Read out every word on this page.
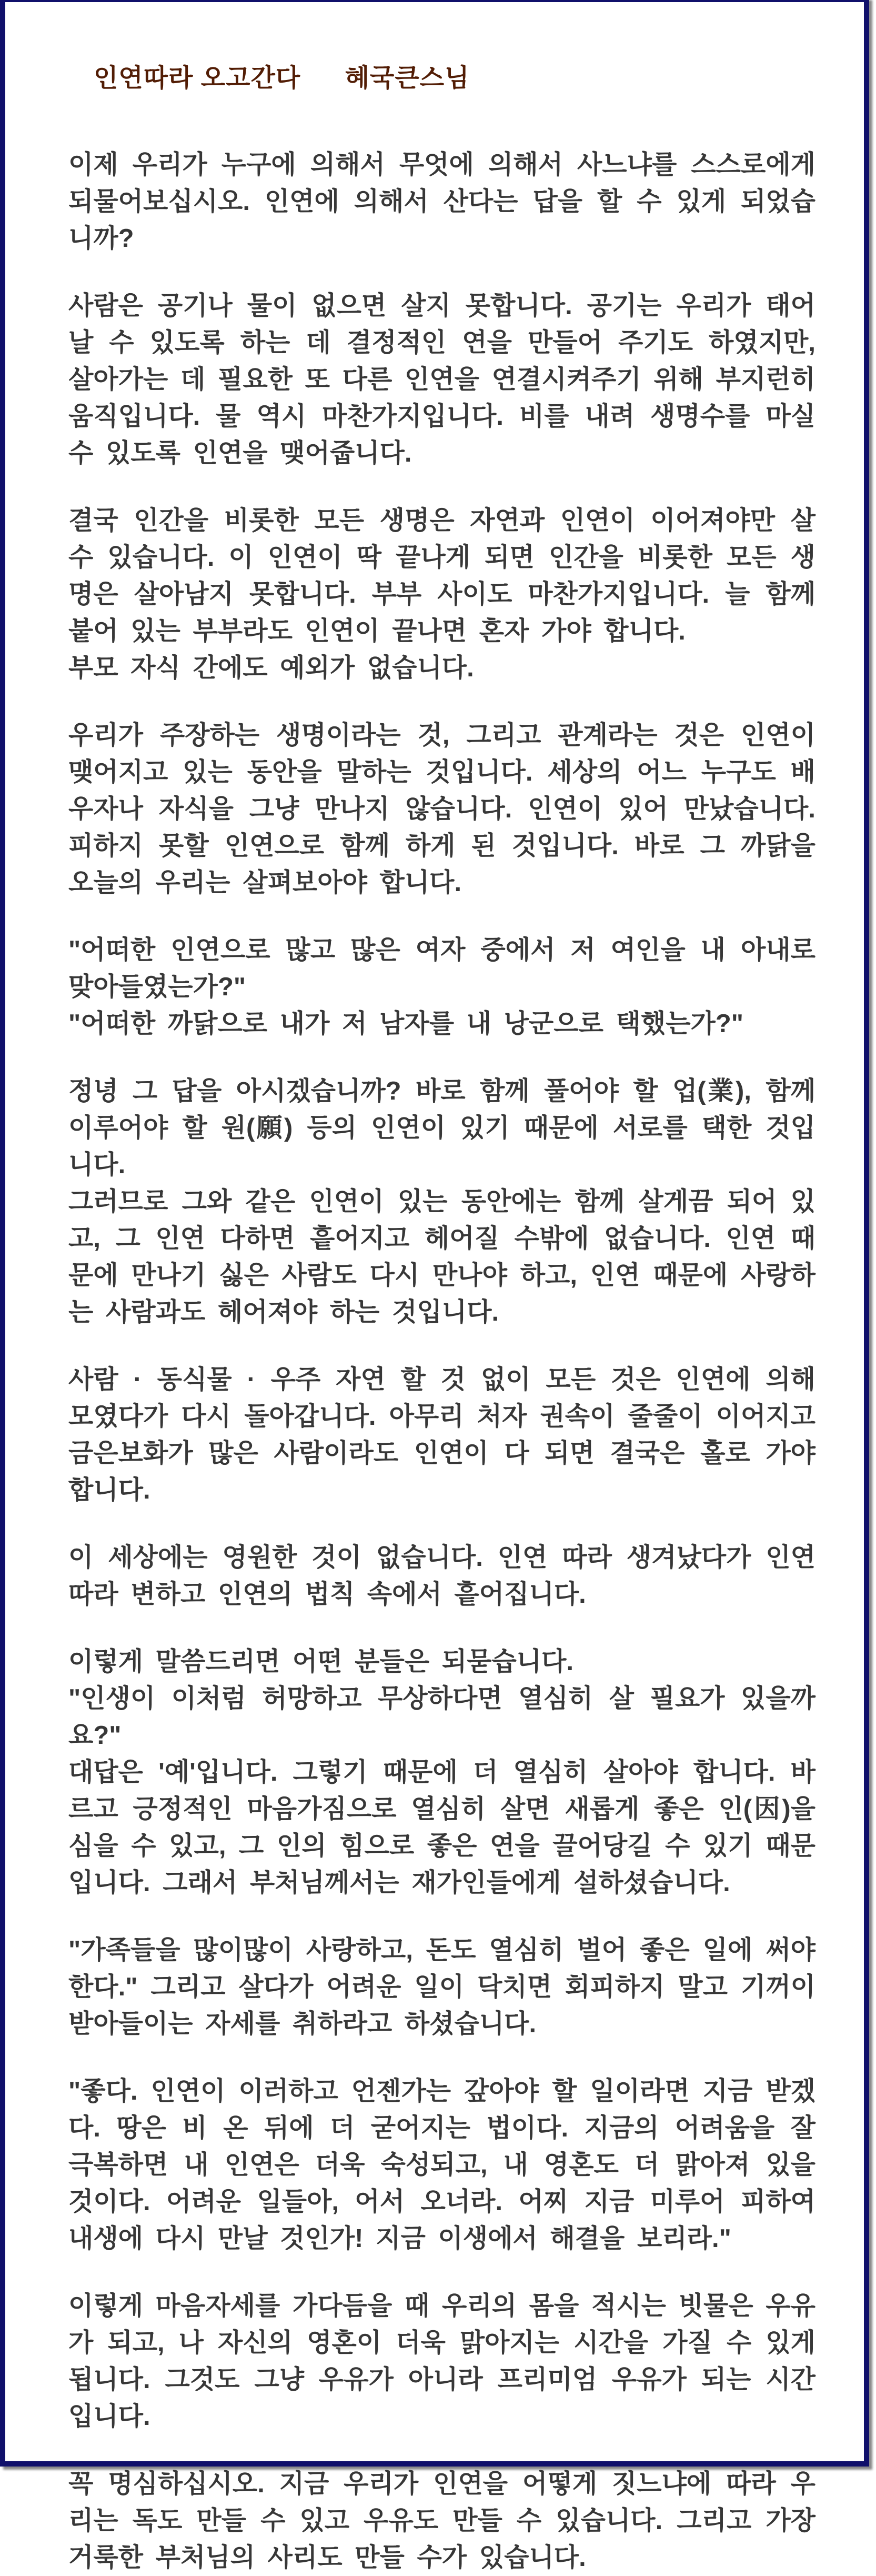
인연따라 오고간다 혜국큰스님
이제 우리가 누구에 의해서 무엇에 의해서 사느냐를 스스로에게 되물어보십시오. 인연에 의해서 산다는 답을 할 수 있게 되었습니까?
사람은 공기나 물이 없으면 살지 못합니다. 공기는 우리가 태어날 수 있도록 하는 데 결정적인 연을 만들어 주기도 하였지만, 살아가는 데 필요한 또 다른 인연을 연결시켜주기 위해 부지런히 움직입니다. 물 역시 마찬가지입니다. 비를 내려 생명수를 마실 수 있도록 인연을 맺어줍니다.
결국 인간을 비롯한 모든 생명은 자연과 인연이 이어져야만 살 수 있습니다. 이 인연이 딱 끝나게 되면 인간을 비롯한 모든 생명은 살아남지 못합니다. 부부 사이도 마찬가지입니다. 늘 함께 붙어 있는 부부라도 인연이 끝나면 혼자 가야 합니다.
부모 자식 간에도 예외가 없습니다.
우리가 주장하는 생명이라는 것, 그리고 관계라는 것은 인연이 맺어지고 있는 동안을 말하는 것입니다. 세상의 어느 누구도 배우자나 자식을 그냥 만나지 않습니다. 인연이 있어 만났습니다. 피하지 못할 인연으로 함께 하게 된 것입니다. 바로 그 까닭을 오늘의 우리는 살펴보아야 합니다.
"어떠한 인연으로 많고 많은 여자 중에서 저 여인을 내 아내로 맞아들였는가?"
"어떠한 까닭으로 내가 저 남자를 내 낭군으로 택했는가?"
정녕 그 답을 아시겠습니까? 바로 함께 풀어야 할 업(業), 함께 이루어야 할 원(願) 등의 인연이 있기 때문에 서로를 택한 것입니다.
그러므로 그와 같은 인연이 있는 동안에는 함께 살게끔 되어 있고, 그 인연 다하면 흩어지고 헤어질 수밖에 없습니다. 인연 때문에 만나기 싫은 사람도 다시 만나야 하고, 인연 때문에 사랑하는 사람과도 헤어져야 하는 것입니다.
사람 · 동식물 · 우주 자연 할 것 없이 모든 것은 인연에 의해 모였다가 다시 돌아갑니다. 아무리 처자 권속이 줄줄이 이어지고 금은보화가 많은 사람이라도 인연이 다 되면 결국은 홀로 가야 합니다.
이 세상에는 영원한 것이 없습니다. 인연 따라 생겨났다가 인연 따라 변하고 인연의 법칙 속에서 흩어집니다.
이렇게 말씀드리면 어떤 분들은 되묻습니다.
"인생이 이처럼 허망하고 무상하다면 열심히 살 필요가 있을까요?"
대답은 '예'입니다. 그렇기 때문에 더 열심히 살아야 합니다. 바르고 긍정적인 마음가짐으로 열심히 살면 새롭게 좋은 인(因)을 심을 수 있고, 그 인의 힘으로 좋은 연을 끌어당길 수 있기 때문입니다. 그래서 부처님께서는 재가인들에게 설하셨습니다.
"가족들을 많이많이 사랑하고, 돈도 열심히 벌어 좋은 일에 써야 한다." 그리고 살다가 어려운 일이 닥치면 회피하지 말고 기꺼이 받아들이는 자세를 취하라고 하셨습니다.
"좋다. 인연이 이러하고 언젠가는 갚아야 할 일이라면 지금 받겠다. 땅은 비 온 뒤에 더 굳어지는 법이다. 지금의 어려움을 잘 극복하면 내 인연은 더욱 숙성되고, 내 영혼도 더 맑아져 있을 것이다. 어려운 일들아, 어서 오너라. 어찌 지금 미루어 피하여 내생에 다시 만날 것인가! 지금 이생에서 해결을 보리라."
이렇게 마음자세를 가다듬을 때 우리의 몸을 적시는 빗물은 우유가 되고, 나 자신의 영혼이 더욱 맑아지는 시간을 가질 수 있게 됩니다. 그것도 그냥 우유가 아니라 프리미엄 우유가 되는 시간입니다.
꼭 명심하십시오. 지금 우리가 인연을 어떻게 짓느냐에 따라 우리는 독도 만들 수 있고 우유도 만들 수 있습니다. 그리고 가장 거룩한 부처님의 사리도 만들 수가 있습니다.
